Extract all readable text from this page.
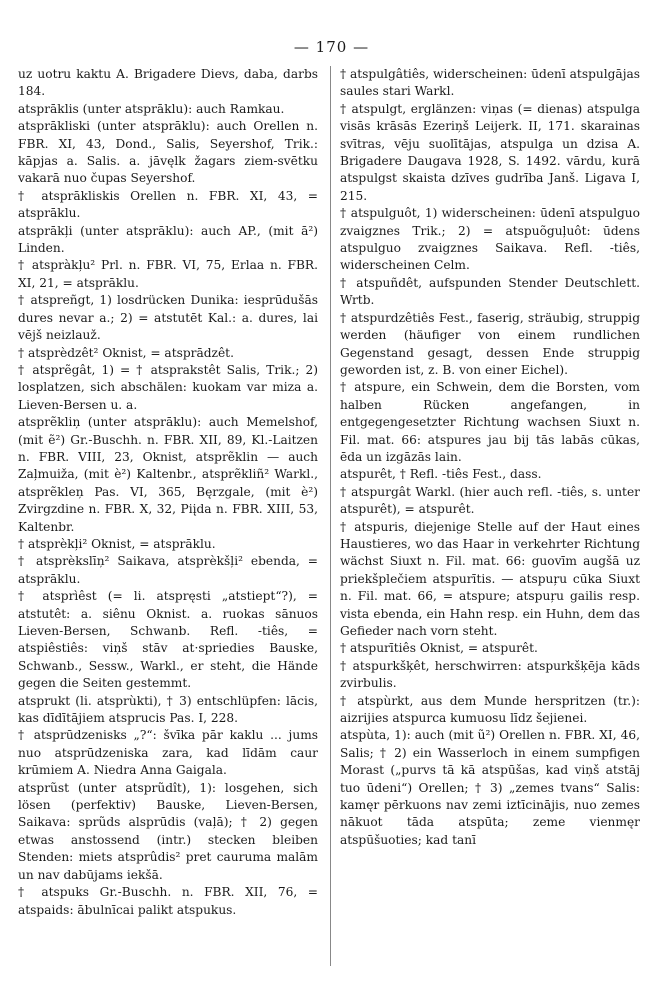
— 170 —

uz uotru kaktu A. Brigadere Dievs, daba, darbs 184.

atsprāklis (unter atsprāklu): auch Ramkau.

atsprākliski (unter atsprāklu): auch Orellen n. FBR. XI, 43, Dond., Salis, Seyershof, Trik.: kāpjas a. Salis. a. jāvęlk žagars ziem-svētku vakarā nuo čupas Seyershof.

† atsprākliskis Orellen n. FBR. XI, 43, = atsprāklu.

atsprākļi (unter atsprāklu): auch AP., (mit ā²) Linden.

† atspràkļu² Prl. n. FBR. VI, 75, Erlaa n. FBR. XI, 21, = atsprāklu.

† atspreñgt, 1) losdrücken Dunika: iesprūdušās dures nevar a.; 2) = atstutēt Kal.: a. dures, lai vējš neizlauž.

† atsprèdzêt² Oknist, = atsprādzêt.

† atsprẽgât, 1) = † atsprakstêt Salis, Trik.; 2) losplatzen, sich abschälen: kuokam var miza a. Lieven-Bersen u. a.

atsprẽkliņ (unter atsprāklu): auch Memelshof, (mit ẽ²) Gr.-Buschh. n. FBR. XII, 89, Kl.-Laitzen n. FBR. VIII, 23, Oknist, atsprẽklin — auch Zaļmuiža, (mit è²) Kaltenbr., atsprẽkliñ² Warkl., atsprẽkleņ Pas. VI, 365, Bęrzgale, (mit è²) Zvirgzdine n. FBR. X, 32, Piįda n. FBR. XIII, 53, Kaltenbr.

† atsprèkļi² Oknist, = atsprāklu.

† atsprèkslīņ² Saikava, atsprèkšļi² ebenda, = atsprāklu.

† atsprìêst (= li. atspręsti „atstiept“?), = atstutêt: a. siênu Oknist. a. ruokas sānuos Lieven-Bersen, Schwanb. Refl. -tiês, = atspiêstiês: viņš stāv at·spriedies Bauske, Schwanb., Sessw., Warkl., er steht, die Hände gegen die Seiten gestemmt.

atsprukt (li. atsprùkti), † 3) entschlüpfen: lācis, kas dīdītājiem atsprucis Pas. I, 228.

† atsprūdzenisks „?“: švīka pār kaklu ... jums nuo atsprūdzeniska zara, kad līdām caur krūmiem A. Niedra Anna Gaigala.

atsprũst (unter atsprũdît), 1): losgehen, sich lösen (perfektiv) Bauske, Lieven-Bersen, Saikava: sprũds alsprūdis (vaļā); † 2) gegen etwas anstossend (intr.) stecken bleiben Stenden: miets atsprûdis² pret cauruma malām un nav dabūjams iekšā.

† atspuks Gr.-Buschh. n. FBR. XII, 76, = atspaids: ābulnīcai palikt atspukus.

† atspulgâtiês, widerscheinen: ūdenī atspulgājas saules stari Warkl.

† atspulgt, erglänzen: viņas (= dienas) atspulga visās krāsās Ezeriņš Leijerk. II, 171. skarainas svītras, vēju suolītājas, atspulga un dzisa A. Brigadere Daugava 1928, S. 1492. vārdu, kurā atspulgst skaista dzīves gudrība Janš. Ligava I, 215.

† atspulguôt, 1) widerscheinen: ūdenī atspulguo zvaigznes Trik.; 2) = atspuõguļuôt: ūdens atspulguo zvaigznes Saikava. Refl. -tiês, widerscheinen Celm.

† atspuñdêt, aufspunden Stender Deutschlett. Wrtb.

† atspurdzêtiês Fest., faserig, sträubig, struppig werden (häufiger von einem rundlichen Gegenstand gesagt, dessen Ende struppig geworden ist, z. B. von einer Eichel).

† atspure, ein Schwein, dem die Borsten, vom halben Rücken angefangen, in entgegengesetzter Richtung wachsen Siuxt n. Fil. mat. 66: atspures jau bij tās labās cūkas, ēda un izgāzās lain.

atspurêt, † Refl. -tiês Fest., dass.

† atspurgât Warkl. (hier auch refl. -tiês, s. unter atspurêt), = atspurêt.

† atspuris, diejenige Stelle auf der Haut eines Haustieres, wo das Haar in verkehrter Richtung wächst Siuxt n. Fil. mat. 66: guovīm augšā uz priekšplečiem atspurītis. — atspuŗu cūka Siuxt n. Fil. mat. 66, = atspure; atspuŗu gailis resp. vista ebenda, ein Hahn resp. ein Huhn, dem das Gefieder nach vorn steht.

† atspurītiês Oknist, = atspurêt.

† atspurkšķêt, herschwirren: atspurkšķēja kāds zvirbulis.

† atspùrkt, aus dem Munde herspritzen (tr.): aizrijies atspurca kumuosu līdz šejienei.

atspùta, 1): auch (mit ũ²) Orellen n. FBR. XI, 46, Salis; † 2) ein Wasserloch in einem sumpfigen Morast („purvs tā kā atspūšas, kad viņš atstāj tuo ūdeni“) Orellen; † 3) „zemes tvans“ Salis: kamęr pērkuons nav zemi iztīcinājis, nuo zemes nākuot tāda atspūta; zeme vienmęr atspūšuoties; kad tanī
